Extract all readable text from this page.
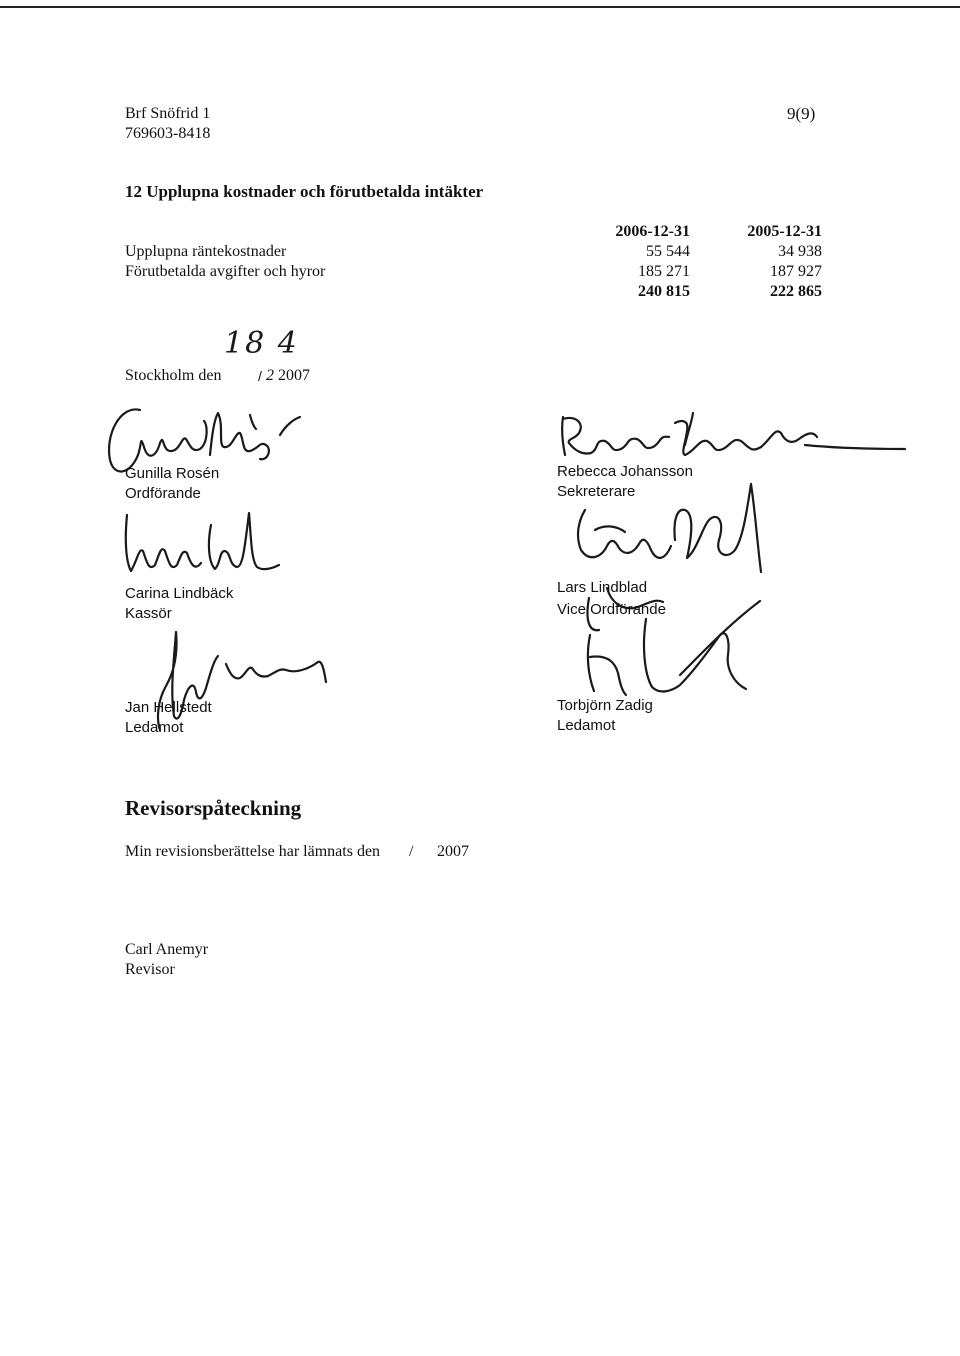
Brf Snöfrid 1
769603-8418
9(9)
12 Upplupna kostnader och förutbetalda intäkter
2006-12-31	2005-12-31
Upplupna räntekostnader	55 544	34 938
Förutbetalda avgifter och hyror	185 271	187 927
240 815	222 865
Stockholm den	/
18 4
2 2007
Gunilla Rosén
Ordförande
Rebecca Johansson
Sekreterare
Carina Lindbäck
Kassör
Lars Lindblad
Vice Ordförande
Jan Hellstedt
Ledamot
Torbjörn Zadig
Ledamot
Revisorspåteckning
Min revisionsberättelse har lämnats den / 2007
Carl Anemyr
Revisor
